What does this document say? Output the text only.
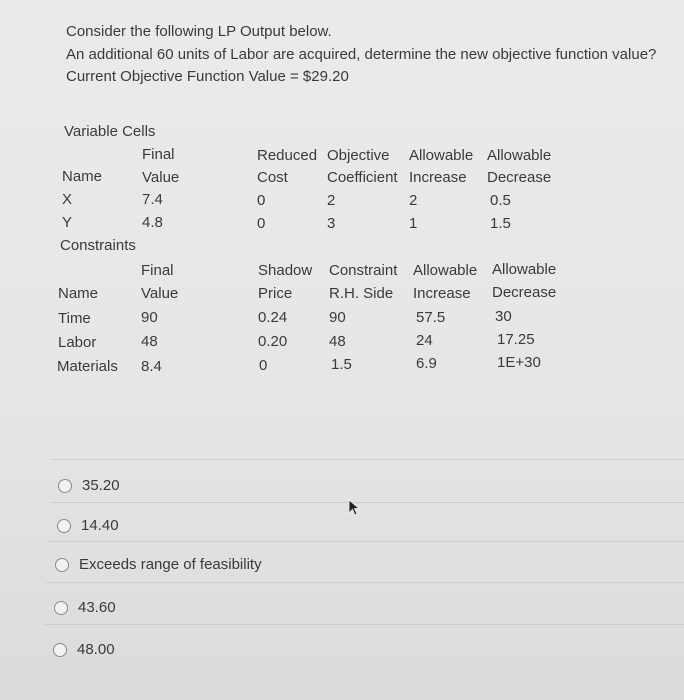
Consider the following LP Output below.
An additional 60 units of Labor are acquired, determine the new objective function value?
Current Objective Function Value = $29.20
Variable Cells
Final	Reduced Objective Allowable Allowable
Name	Value	Cost	Coefficient Increase Decrease
X	7.4	0	2	2	0.5
Y	4.8	0	3	1	1.5
Constraints
Final	Shadow Constraint Allowable Allowable
Name	Value	Price R.H. Side Increase Decrease
Time	90	0.24	90	57.5	30
Labor	48	0.20	48	24	17.25
Materials 8.4	0	1.5	6.9	1E+30
35.20
14.40
Exceeds range of feasibility
43.60
48.00
